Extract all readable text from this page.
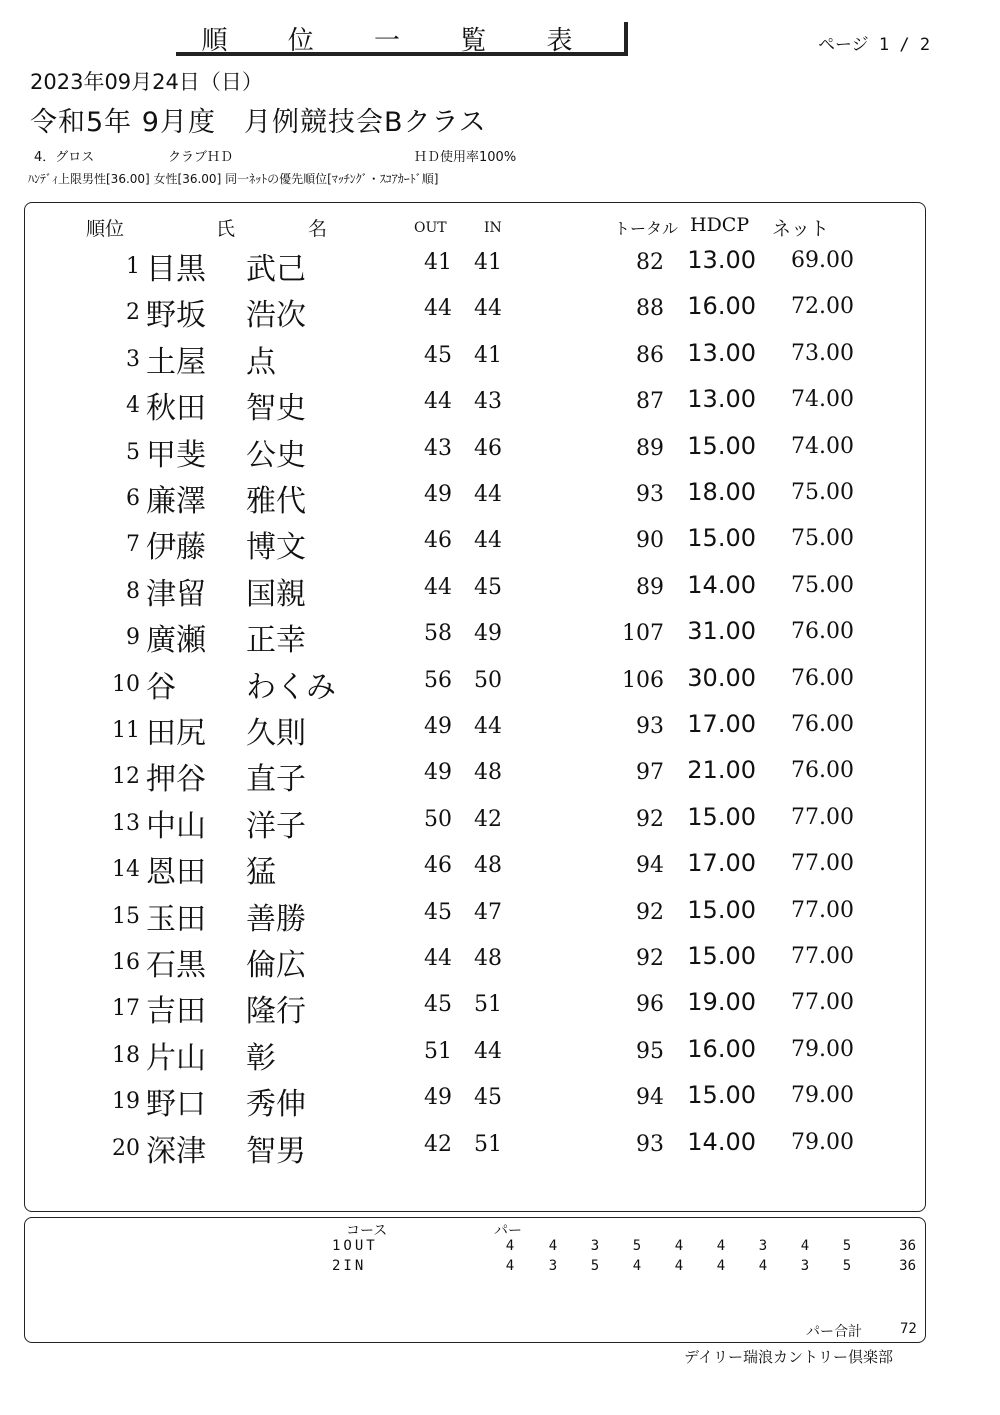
順 位 一 覧 表	ページ 1 / 2
2023年09月24日（日）
令和5年 9月度　月例競技会Bクラス
4．グロス	クラブＨＤ	ＨＤ使用率100%
ﾊﾝﾃﾞｨ上限男性[36.00] 女性[36.00] 同一ﾈｯﾄの優先順位[ﾏｯﾁﾝｸﾞ・ｽｺｱｶｰﾄﾞ順]
順位	氏	名	OUT	IN	トータル HDCP ネット
1 目黒 武己	41	41	82 13.00	69.00
2 野坂 浩次	44	44	88 16.00	72.00
3 土屋 点	45	41	86 13.00	73.00
4 秋田 智史	44	43	87 13.00	74.00
5 甲斐 公史	43	46	89 15.00	74.00
6 廉澤 雅代	49	44	93 18.00	75.00
7 伊藤 博文	46	44	90 15.00	75.00
8 津留 国親	44	45	89 14.00	75.00
9 廣瀬 正幸	58	49	107 31.00	76.00
10 谷 わくみ	56	50	106 30.00	76.00
11 田尻 久則	49	44	93 17.00	76.00
12 押谷 直子	49	48	97 21.00	76.00
13 中山 洋子	50	42	92 15.00	77.00
14 恩田 猛	46	48	94 17.00	77.00
15 玉田 善勝	45	47	92 15.00	77.00
16 石黒 倫広	44	48	92 15.00	77.00
17 吉田 隆行	45	51	96 19.00	77.00
18 片山 彰	51	44	95 16.00	79.00
19 野口 秀伸	49	45	94 15.00	79.00
20 深津 智男	42	51	93 14.00	79.00
コース	パー
1OUT	4	4	3	5	4	4	3	4	5	36
2IN	4	3	5	4	4	4	4	3	5	36
パー合計	72
デイリー瑞浪カントリー倶楽部
